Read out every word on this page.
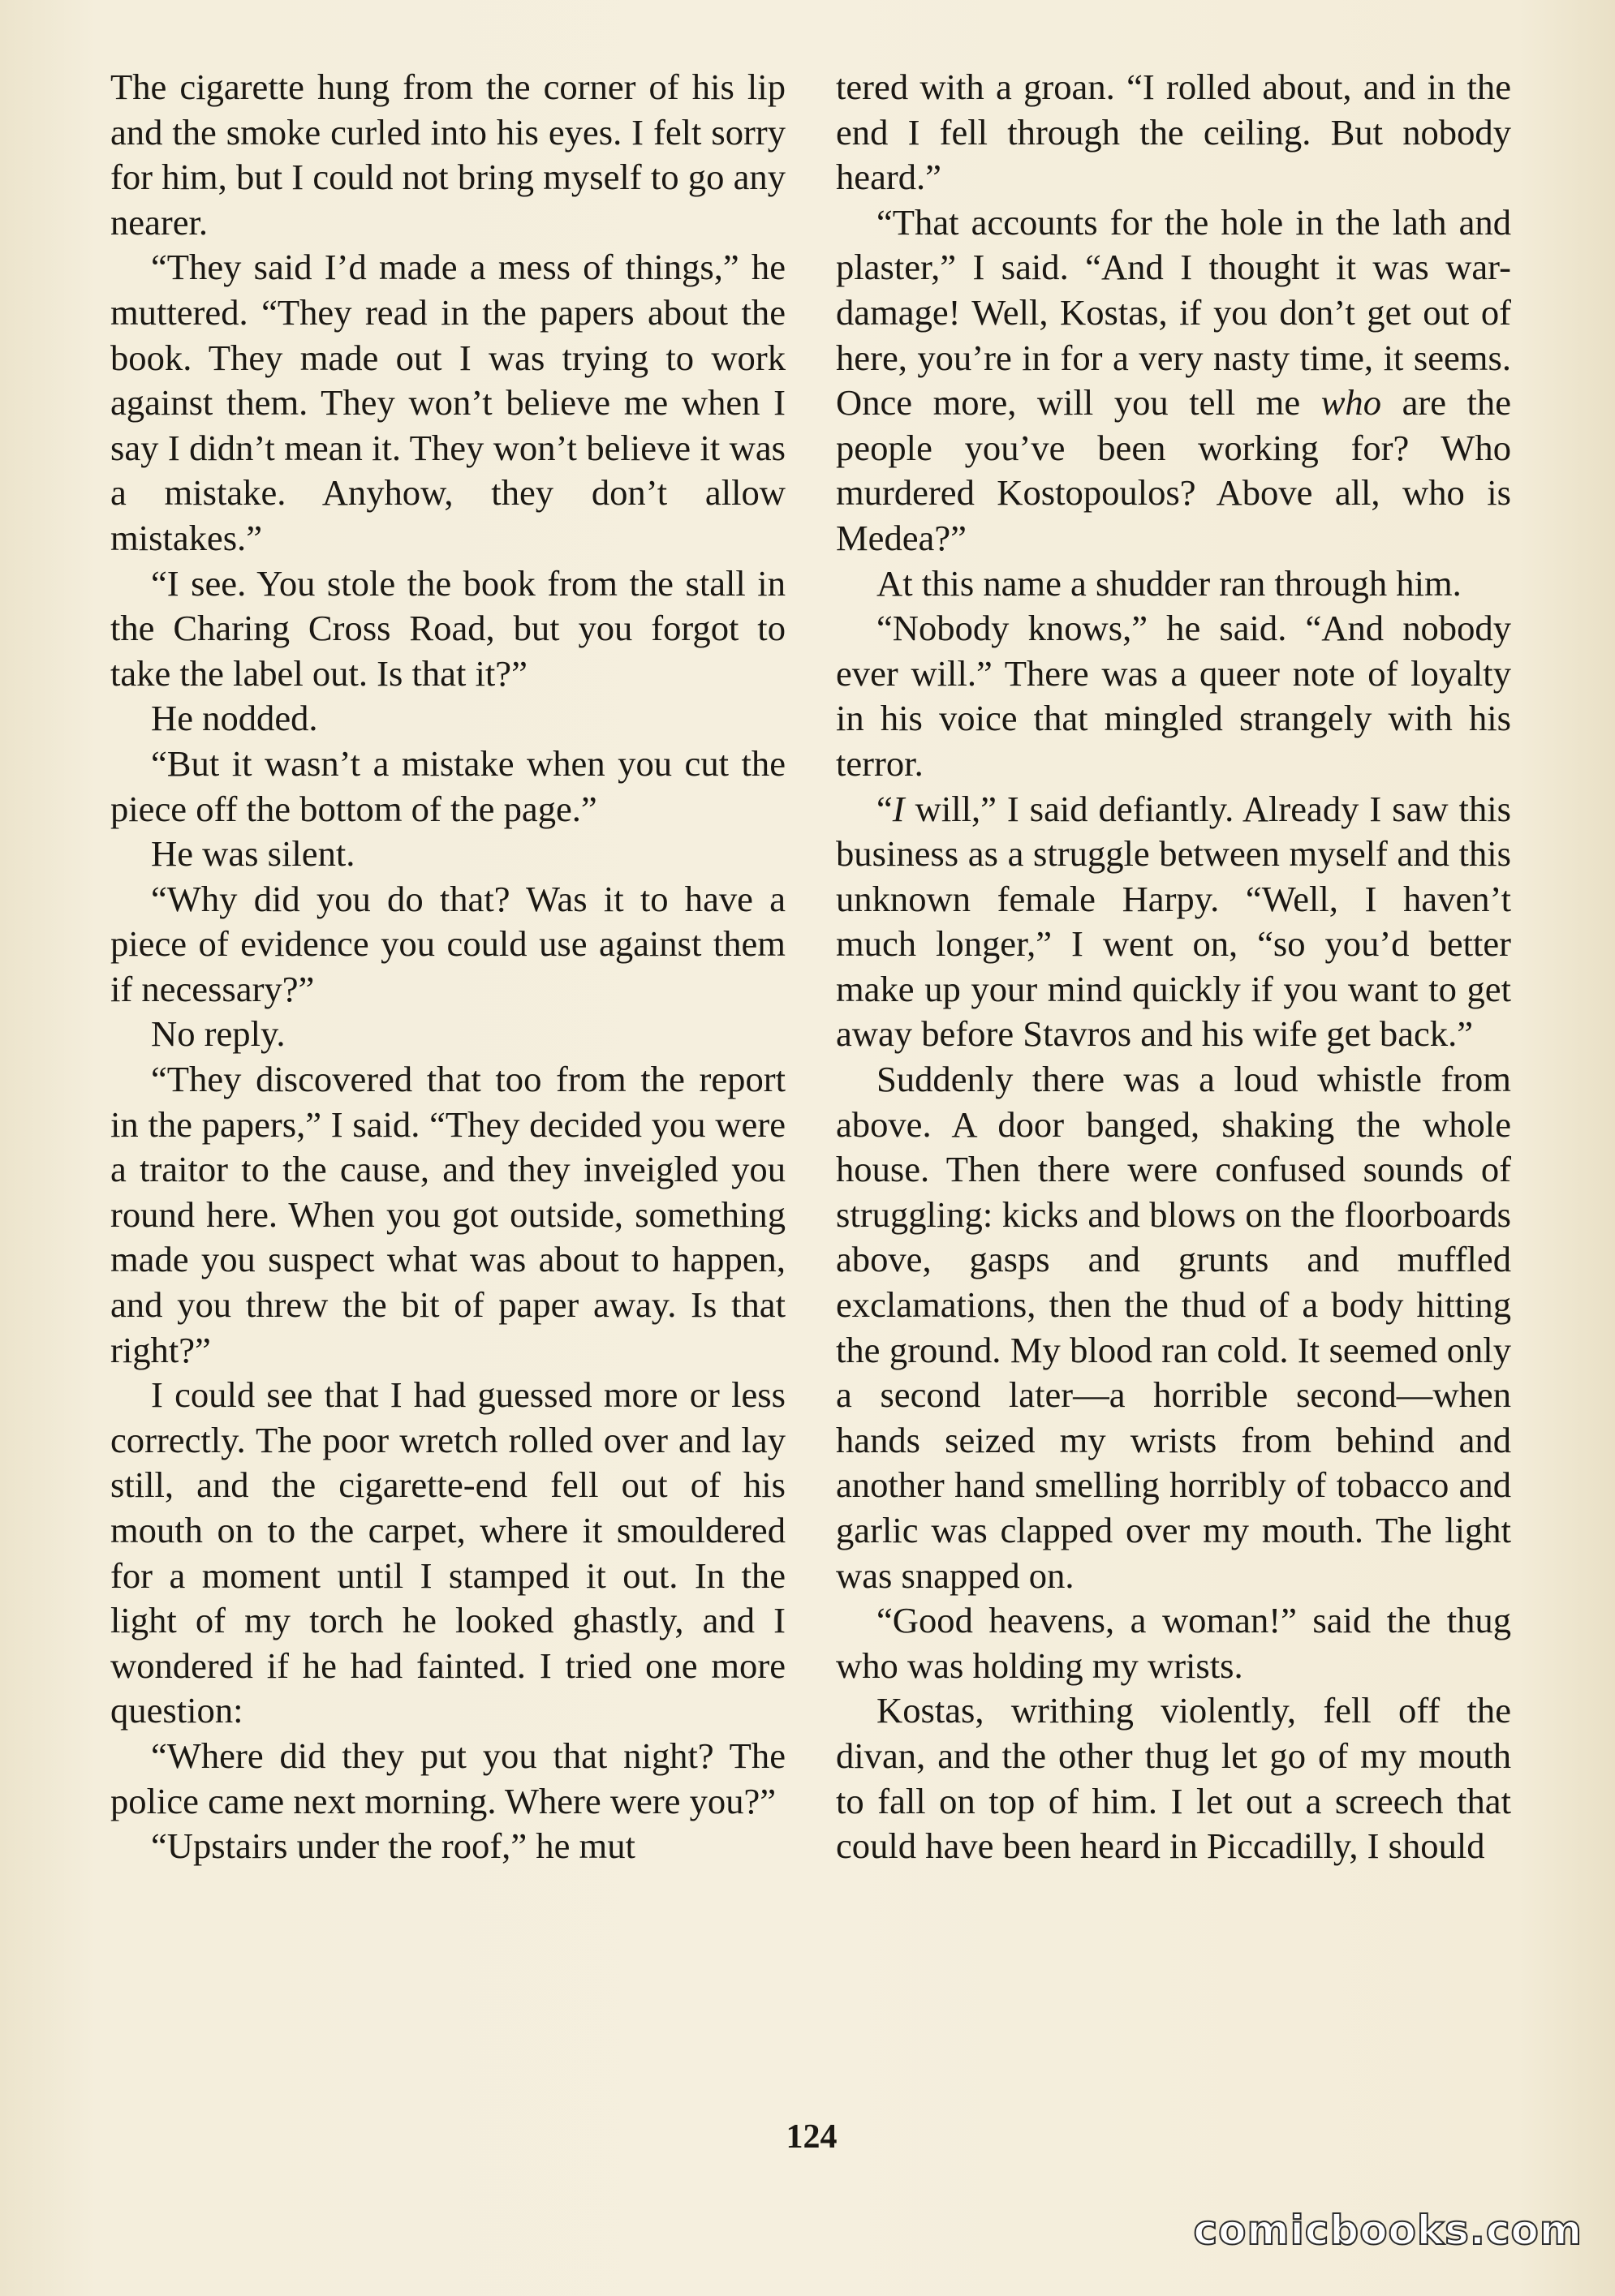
The cigarette hung from the corner of his lip and the smoke curled into his eyes. I felt sorry for him, but I could not bring myself to go any nearer.

“They said I’d made a mess of things,” he muttered. “They read in the papers about the book. They made out I was trying to work against them. They won’t believe me when I say I didn’t mean it. They won’t believe it was a mistake. Anyhow, they don’t allow mistakes.”

“I see. You stole the book from the stall in the Charing Cross Road, but you forgot to take the label out. Is that it?”

He nodded.

“But it wasn’t a mistake when you cut the piece off the bottom of the page.”

He was silent.

“Why did you do that? Was it to have a piece of evidence you could use against them if necessary?”

No reply.

“They discovered that too from the report in the papers,” I said. “They decided you were a traitor to the cause, and they inveigled you round here. When you got outside, something made you suspect what was about to happen, and you threw the bit of paper away. Is that right?”

I could see that I had guessed more or less correctly. The poor wretch rolled over and lay still, and the cigarette-end fell out of his mouth on to the carpet, where it smouldered for a moment until I stamped it out. In the light of my torch he looked ghastly, and I wondered if he had fainted. I tried one more question:

“Where did they put you that night? The police came next morning. Where were you?”

“Upstairs under the roof,” he mut

tered with a groan. “I rolled about, and in the end I fell through the ceiling. But nobody heard.”

“That accounts for the hole in the lath and plaster,” I said. “And I thought it was war-damage! Well, Kostas, if you don’t get out of here, you’re in for a very nasty time, it seems. Once more, will you tell me who are the people you’ve been working for? Who murdered Kostopoulos? Above all, who is Medea?”

At this name a shudder ran through him.

“Nobody knows,” he said. “And nobody ever will.” There was a queer note of loyalty in his voice that mingled strangely with his terror.

“I will,” I said defiantly. Already I saw this business as a struggle between myself and this unknown female Harpy. “Well, I haven’t much longer,” I went on, “so you’d better make up your mind quickly if you want to get away before Stavros and his wife get back.”

Suddenly there was a loud whistle from above. A door banged, shaking the whole house. Then there were confused sounds of struggling: kicks and blows on the floorboards above, gasps and grunts and muffled exclamations, then the thud of a body hitting the ground. My blood ran cold. It seemed only a second later—a horrible second—when hands seized my wrists from behind and another hand smelling horribly of tobacco and garlic was clapped over my mouth. The light was snapped on.

“Good heavens, a woman!” said the thug who was holding my wrists.

Kostas, writhing violently, fell off the divan, and the other thug let go of my mouth to fall on top of him. I let out a screech that could have been heard in Piccadilly, I should

124
comicbooks.com
